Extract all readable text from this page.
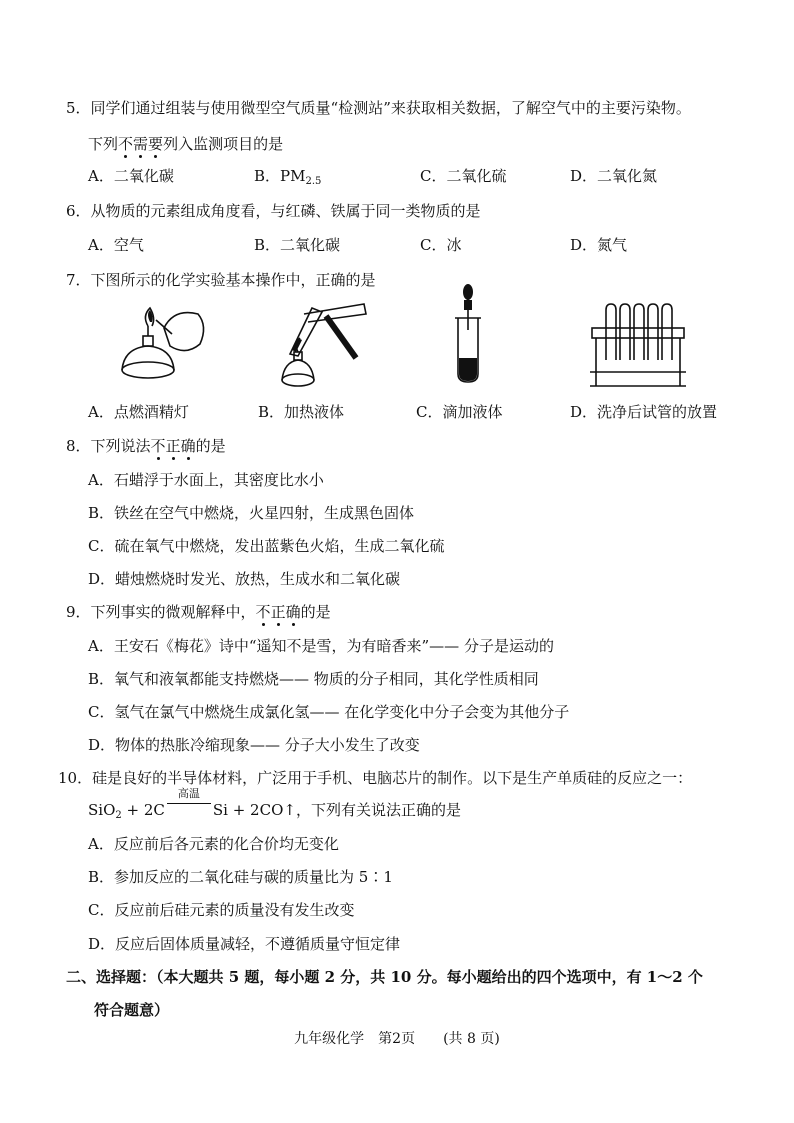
5．同学们通过组装与使用微型空气质量“检测站”来获取相关数据，了解空气中的主要污染物。
下列不需要列入监测项目的是
A．二氧化碳	B．$PM_{2.5}$	C．二氧化硫	D．二氧化氮
6．从物质的元素组成角度看，与红磷、铁属于同一类物质的是
A．空气	B．二氧化碳	C．冰	D．氮气
7．下图所示的化学实验基本操作中，正确的是
A．点燃酒精灯	B．加热液体	C．滴加液体	D．洗净后试管的放置
8．下列说法不正确的是
A．石蜡浮于水面上，其密度比水小
B．铁丝在空气中燃烧，火星四射，生成黑色固体
C．硫在氧气中燃烧，发出蓝紫色火焰，生成二氧化硫
D．蜡烛燃烧时发光、放热，生成水和二氧化碳
9．下列事实的微观解释中，不正确的是
A．王安石《梅花》诗中“遥知不是雪，为有暗香来”—— 分子是运动的
B．氧气和液氧都能支持燃烧—— 物质的分子相同，其化学性质相同
C．氢气在氯气中燃烧生成氯化氢—— 在化学变化中分子会变为其他分子
D．物体的热胀冷缩现象—— 分子大小发生了改变
10．硅是良好的半导体材料，广泛用于手机、电脑芯片的制作。以下是生产单质硅的反应之一：
SiO$_2$ + 2C
高温
Si + 2CO↑，下列有关说法正确的是
A．反应前后各元素的化合价均无变化
B．参加反应的二氧化硅与碳的质量比为 5∶1
C．反应前后硅元素的质量没有发生改变
D．反应后固体质量减轻，不遵循质量守恒定律
二、选择题：（本大题共 5 题，每小题 2 分，共 10 分。每小题给出的四个选项中，有 1～2 个
符合题意）
九年级化学　第2页　　(共 8 页)
